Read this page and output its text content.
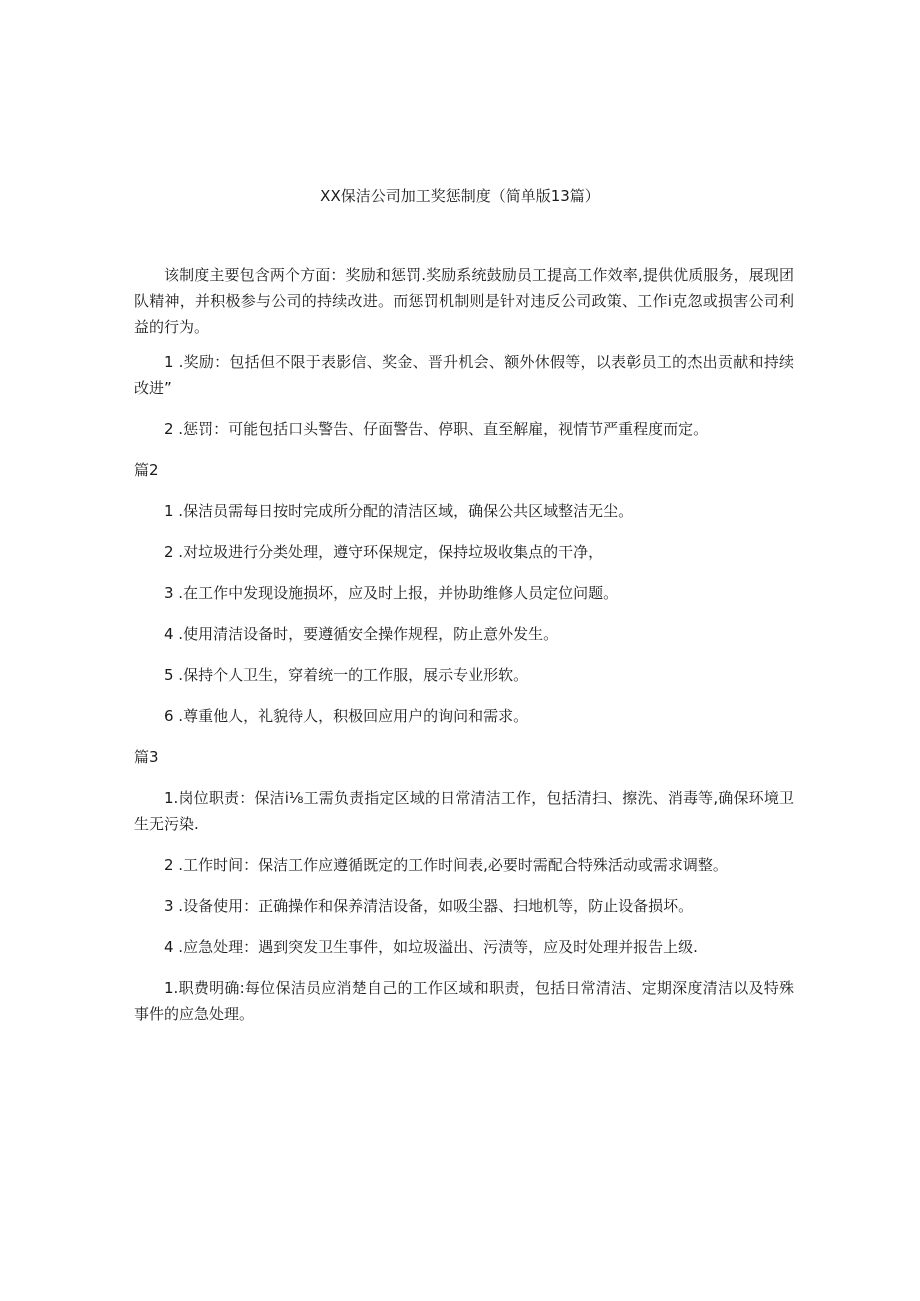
XX保洁公司加工奖惩制度（简单版13篇）

该制度主要包含两个方面：奖励和惩罚.奖励系统鼓励员工提高工作效率,提供优质服务，展现团队精神，并积极参与公司的持续改进。而惩罚机制则是针对违反公司政策、工作i克忽或损害公司利益的行为。

1 .奖励：包括但不限于表影信、奖金、晋升机会、额外休假等，以表彰员工的杰出贡献和持续改进”

2 .惩罚：可能包括口头警告、仔面警告、停职、直至解雇，视情节严重程度而定。

篇2

1 .保洁员需每日按时完成所分配的清洁区域，确保公共区域整洁无尘。

2 .对垃圾进行分类处理，遵守环保规定，保持垃圾收集点的干净，

3 .在工作中发现设施损坏，应及时上报，并协助维修人员定位问题。

4 .使用清洁设备时，要遵循安全操作规程，防止意外发生。

5 .保持个人卫生，穿着统一的工作服，展示专业形软。

6 .尊重他人，礼貌待人，积极回应用户的询问和需求。

篇3

1.岗位职责：保洁i⅛工需负责指定区域的日常清洁工作，包括清扫、擦洗、消毒等,确保环境卫生无污染.

2 .工作时间：保洁工作应遵循既定的工作时间表,必要时需配合特殊活动或需求调整。

3 .设备使用：正确操作和保养清洁设备，如吸尘器、扫地机等，防止设备损坏。

4 .应急处理：遇到突发卫生事件，如垃圾溢出、污渍等，应及时处理并报告上级.

1.职费明确:每位保洁员应消楚自己的工作区域和职责，包括日常清洁、定期深度清洁以及特殊事件的应急处理。
